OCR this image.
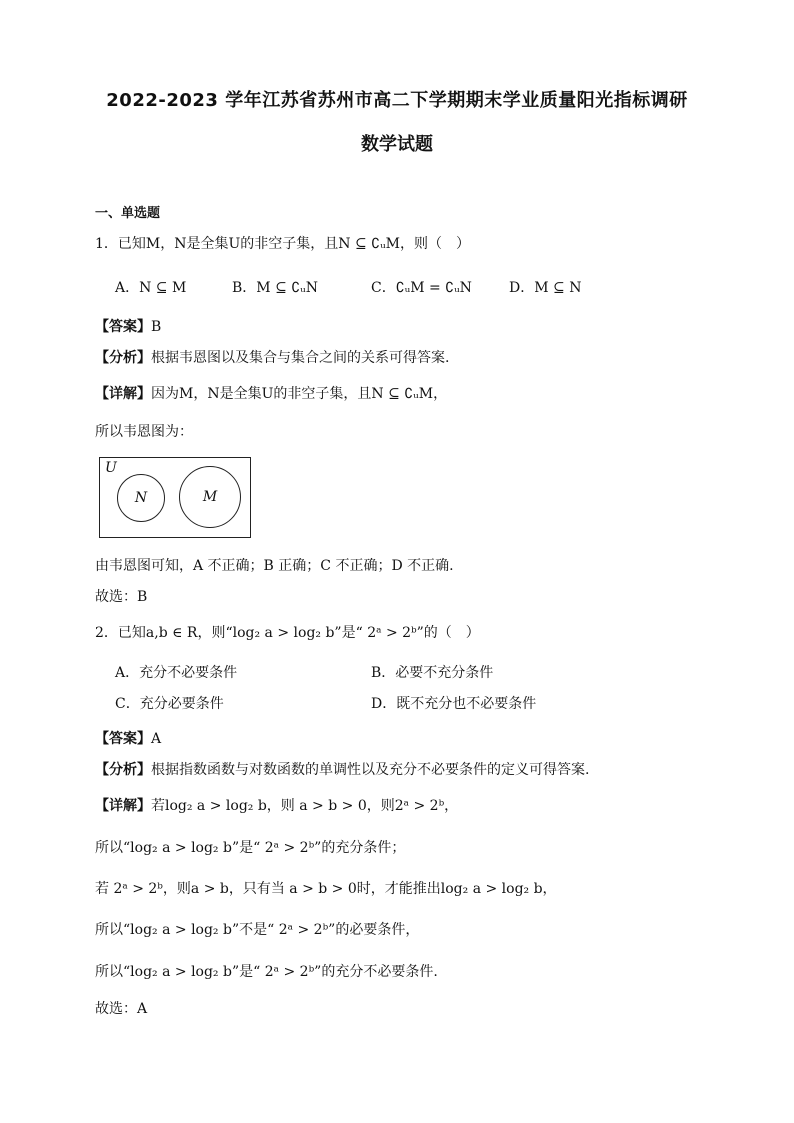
2022-2023 学年江苏省苏州市高二下学期期末学业质量阳光指标调研
数学试题
一、单选题
1．已知M，N是全集U的非空子集，且N ⊆ ∁ᵤM，则（　）
A．N ⊆ M	B．M ⊆ ∁ᵤN	C．∁ᵤM = ∁ᵤN	D．M ⊆ N
【答案】B
【分析】根据韦恩图以及集合与集合之间的关系可得答案.
【详解】因为M，N是全集U的非空子集，且N ⊆ ∁ᵤM，
所以韦恩图为：
U
N	M
由韦恩图可知，A 不正确；B 正确；C 不正确；D 不正确.
故选：B
2．已知a,b ∈ R，则“log₂ a > log₂ b”是“ 2ᵃ > 2ᵇ”的（　）
A．充分不必要条件	B．必要不充分条件
C．充分必要条件	D．既不充分也不必要条件
【答案】A
【分析】根据指数函数与对数函数的单调性以及充分不必要条件的定义可得答案.
【详解】若log₂ a > log₂ b，则 a > b > 0，则2ᵃ > 2ᵇ，
所以“log₂ a > log₂ b”是“ 2ᵃ > 2ᵇ”的充分条件；
若 2ᵃ > 2ᵇ，则a > b，只有当 a > b > 0时，才能推出log₂ a > log₂ b，
所以“log₂ a > log₂ b”不是“ 2ᵃ > 2ᵇ”的必要条件，
所以“log₂ a > log₂ b”是“ 2ᵃ > 2ᵇ”的充分不必要条件.
故选：A
